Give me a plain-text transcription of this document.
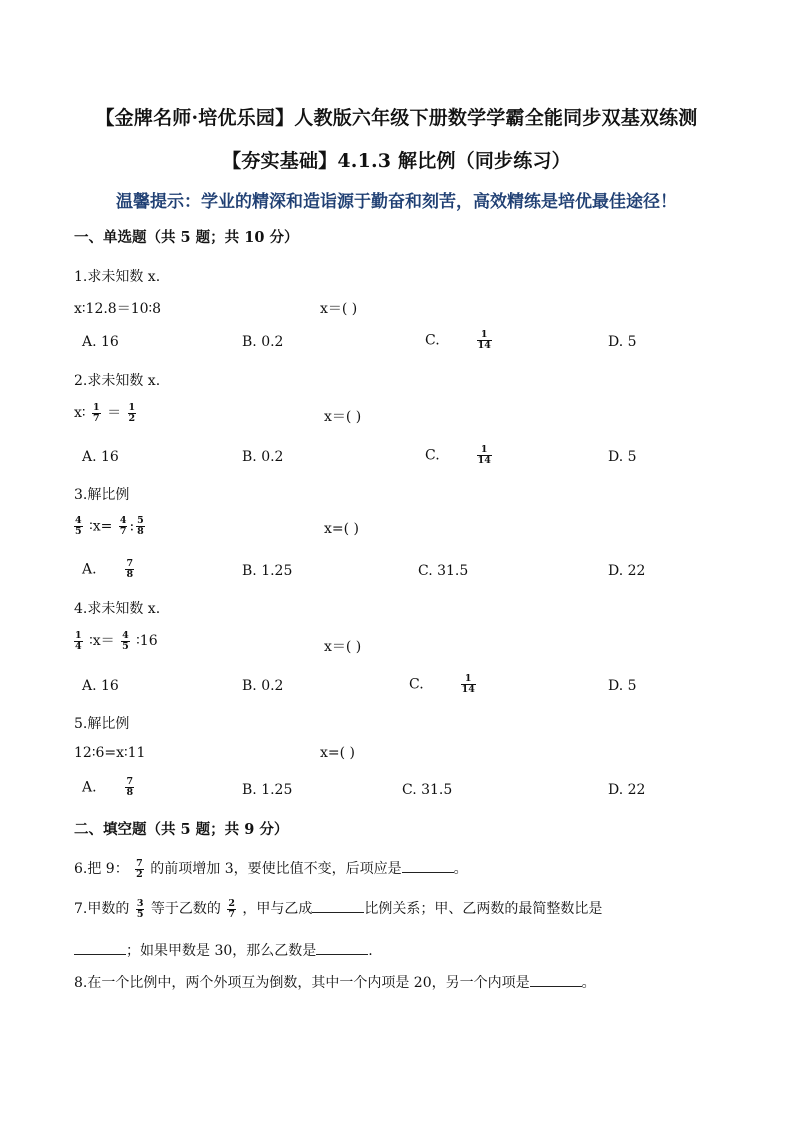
【金牌名师·培优乐园】人教版六年级下册数学学霸全能同步双基双练测
【夯实基础】4.1.3 解比例（同步练习）
温馨提示：学业的精深和造诣源于勤奋和刻苦，高效精练是培优最佳途径！
一、单选题（共 5 题；共 10 分）
1.求未知数 x.
x∶12.8＝10∶8	x＝( )
A. 16	B. 0.2	C.	$\frac{1}{14}$	D. 5
2.求未知数 x.
x∶ $\frac{1}{7} = \frac{1}{2}$	x＝( )
A. 16	B. 0.2	C.	$\frac{1}{14}$	D. 5
3.解比例
$\frac{4}{5}$ ∶x= $\frac{4}{7}$ : $\frac{5}{8}$	x=( )
A.	$\frac{7}{8}$	B. 1.25	C. 31.5	D. 22
4.求未知数 x.
$\frac{1}{4}$ ∶x＝ $\frac{4}{5}$ ∶16	x＝( )
A. 16	B. 0.2	C.	$\frac{1}{14}$	D. 5
5.解比例
12∶6=x∶11	x=( )
A.	$\frac{7}{8}$	B. 1.25	C. 31.5	D. 22
二、填空题（共 5 题；共 9 分）
6.把 9： $\frac{7}{2}$ 的前项增加 3，要使比值不变，后项应是	。
7.甲数的 $\frac{3}{5}$ 等于乙数的 $\frac{2}{7}$ ，甲与乙成	比例关系；甲、乙两数的最简整数比是
；如果甲数是 30，那么乙数是	.
8.在一个比例中，两个外项互为倒数，其中一个内项是 20，另一个内项是	。
